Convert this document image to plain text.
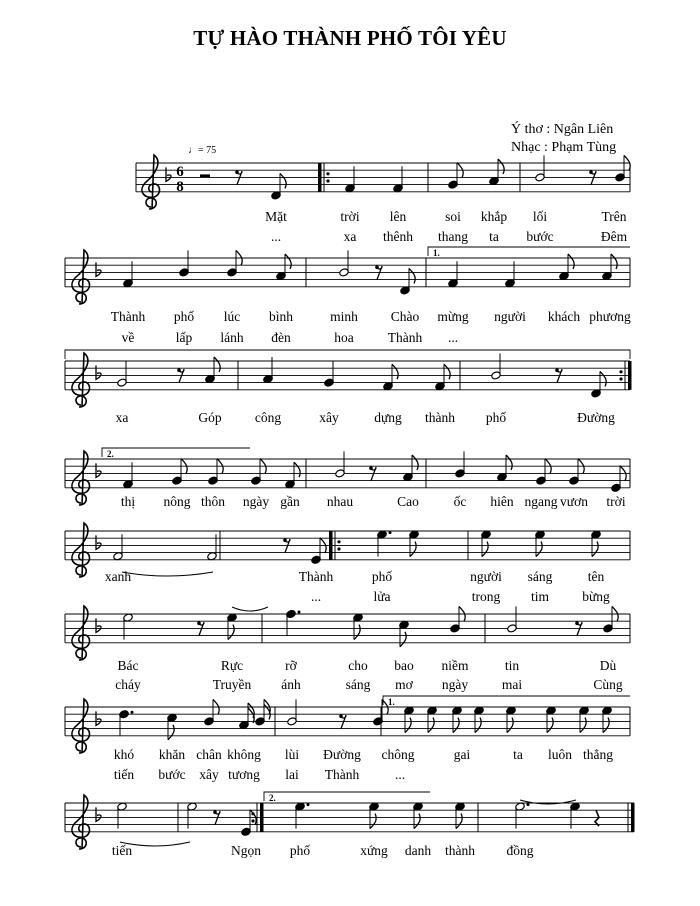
TỰ HÀO THÀNH PHỐ TÔI YÊU
Ý thơ : Ngân Liên
Nhạc : Phạm Tùng
♩= 75
6
8
1.
2.
1.
2.
Mặt	trời lên	soi khắp lối	Trên
...	xa thênh thang ta bước	Đêm
Thành phố lúc bình	minh Chào mừng người khách phương
về	lấp lánh đèn	hoa	Thành ...
xa	Góp công	xây	dựng thành phố	Đường
thị nông thôn ngày gần nhau	Cao	ốc hiên ngang vươn trời
xanh	Thành	phố	người sáng	tên
...	lửa	trong tim bừng
Bác	Rực	rỡ	cho bao niềm	tin	Dù
cháy	Truyền ánh	sáng mơ ngày	mai	Cùng
khó khăn chân không lùi Đường chông	gai	ta luôn thẳng
tiến bước xây tương lai Thành	...
tiến	Ngọn phố	xứng danh thành đồng
